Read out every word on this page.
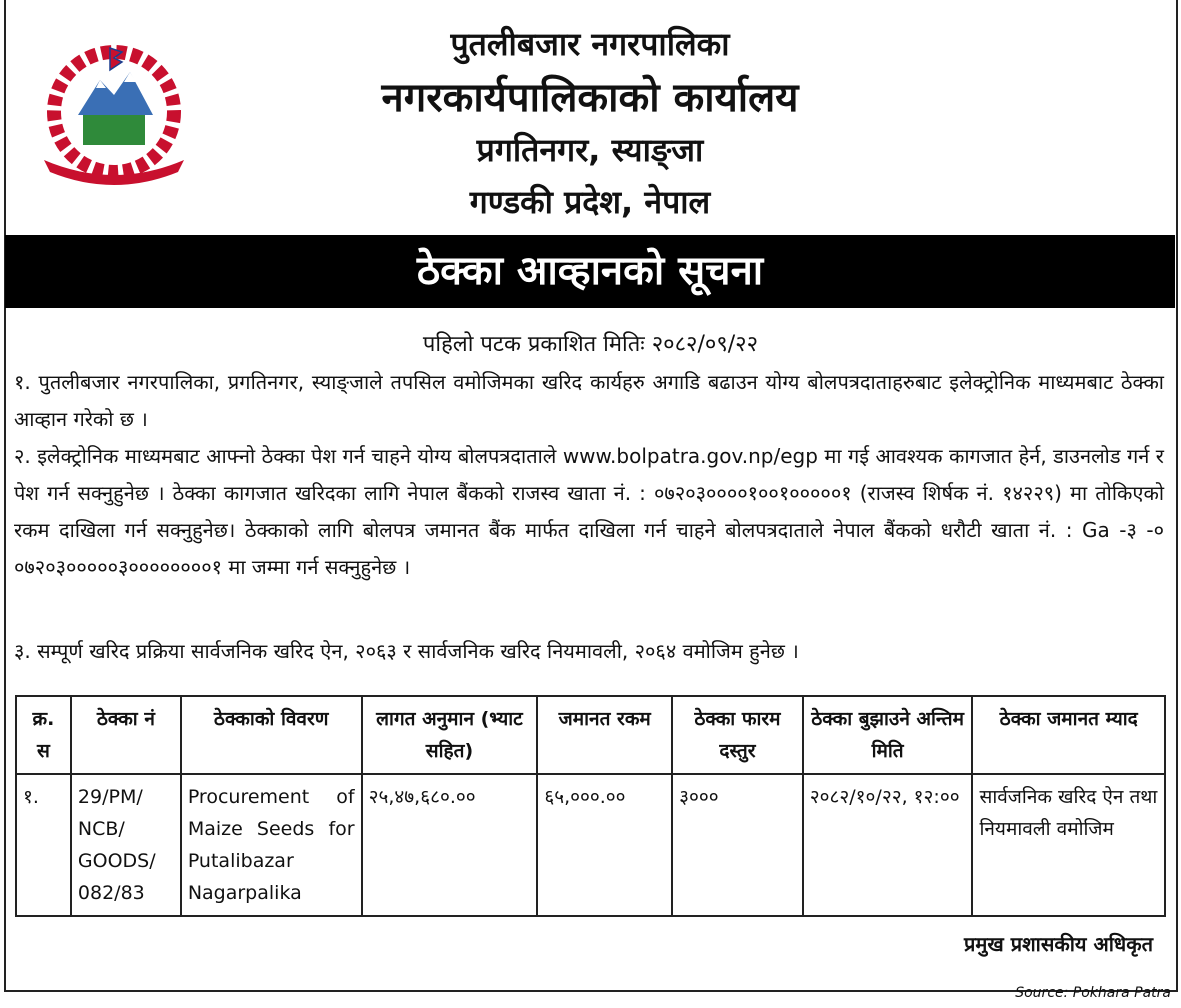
पुतलीबजार नगरपालिका
नगरकार्यपालिकाको कार्यालय
प्रगतिनगर, स्याङ्जा
गण्डकी प्रदेश, नेपाल
ठेक्का आव्हानको सूचना
पहिलो पटक प्रकाशित मितिः २०८२/०९/२२
१. पुतलीबजार नगरपालिका, प्रगतिनगर, स्याङ्जाले तपसिल वमोजिमका खरिद कार्यहरु अगाडि बढाउन योग्य बोलपत्रदाताहरुबाट इलेक्ट्रोनिक माध्यमबाट ठेक्का आव्हान गरेको छ ।
२. इलेक्ट्रोनिक माध्यमबाट आफ्नो ठेक्का पेश गर्न चाहने योग्य बोलपत्रदाताले www.bolpatra.gov.np/egp मा गई आवश्यक कागजात हेर्न, डाउनलोड गर्न र पेश गर्न सक्नुहुनेछ । ठेक्का कागजात खरिदका लागि नेपाल बैंकको राजस्व खाता नं. : ०७२०३००००१००१०००००१ (राजस्व शिर्षक नं. १४२२९) मा तोकिएको रकम दाखिला गर्न सक्नुहुनेछ। ठेक्काको लागि बोलपत्र जमानत बैंक मार्फत दाखिला गर्न चाहने बोलपत्रदाताले नेपाल बैंकको धरौटी खाता नं. : Ga -३ -० ०७२०३०००००३००००००००१ मा जम्मा गर्न सक्नुहुनेछ ।
३. सम्पूर्ण खरिद प्रक्रिया सार्वजनिक खरिद ऐन, २०६३ र सार्वजनिक खरिद नियमावली, २०६४ वमोजिम हुनेछ ।
क्र. स	ठेक्का नं	ठेक्काको विवरण	लागत अनुमान (भ्याट सहित)	जमानत रकम	ठेक्का फारम दस्तुर	ठेक्का बुझाउने अन्तिम मिति	ठेक्का जमानत म्याद
१.	29/PM/ NCB/ GOODS/ 082/83	Procurement of Maize Seeds for Putalibazar Nagarpalika	२५,४७,६८०.००	६५,०००.००	३०००	२०८२/१०/२२, १२:००	सार्वजनिक खरिद ऐन तथा नियमावली वमोजिम
प्रमुख प्रशासकीय अधिकृत
Source: Pokhara Patra
